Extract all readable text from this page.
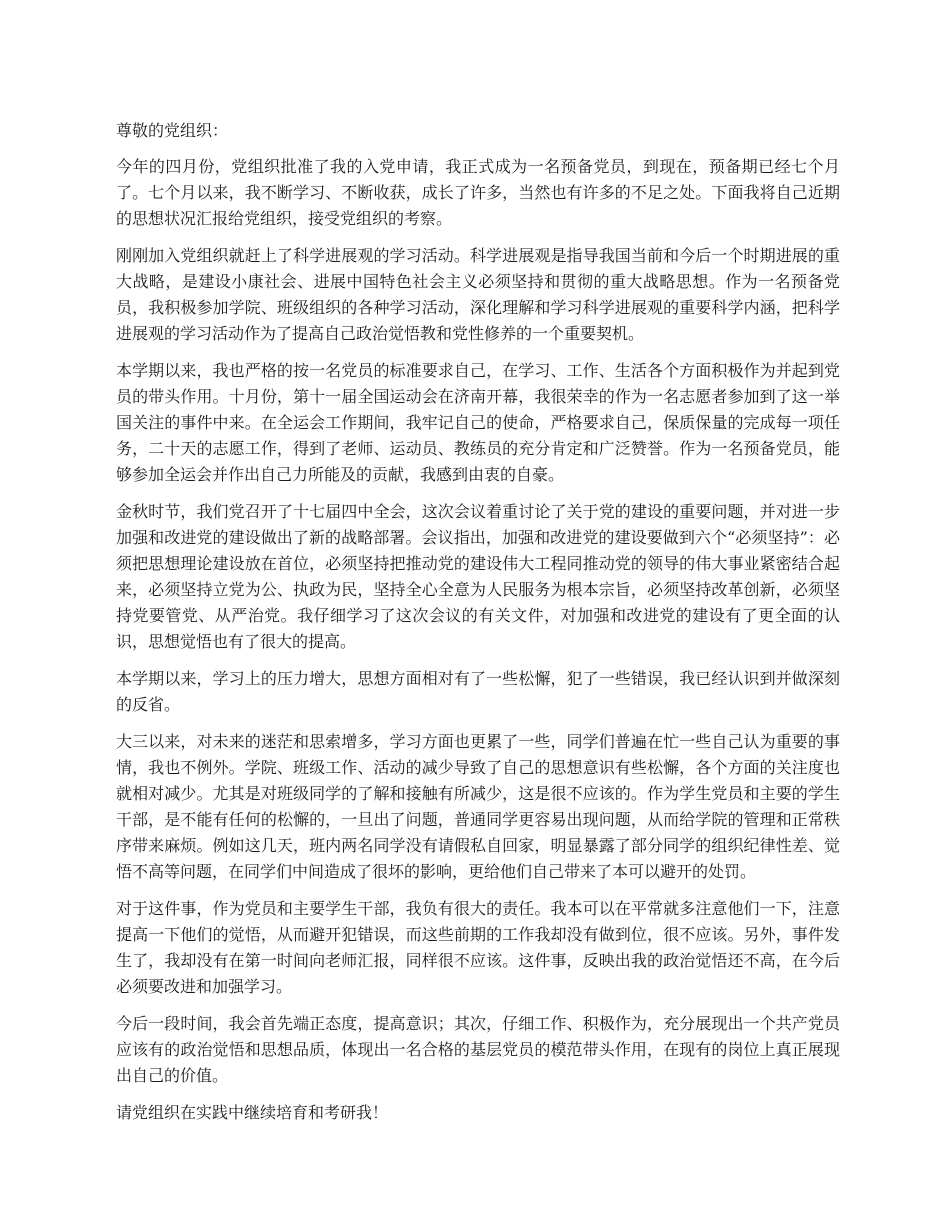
尊敬的党组织：

今年的四月份，党组织批准了我的入党申请，我正式成为一名预备党员，到现在，预备期已经七个月了。七个月以来，我不断学习、不断收获，成长了许多，当然也有许多的不足之处。下面我将自己近期的思想状况汇报给党组织，接受党组织的考察。

刚刚加入党组织就赶上了科学进展观的学习活动。科学进展观是指导我国当前和今后一个时期进展的重大战略，是建设小康社会、进展中国特色社会主义必须坚持和贯彻的重大战略思想。作为一名预备党员，我积极参加学院、班级组织的各种学习活动，深化理解和学习科学进展观的重要科学内涵，把科学进展观的学习活动作为了提高自己政治觉悟教和党性修养的一个重要契机。

本学期以来，我也严格的按一名党员的标准要求自己，在学习、工作、生活各个方面积极作为并起到党员的带头作用。十月份，第十一届全国运动会在济南开幕，我很荣幸的作为一名志愿者参加到了这一举国关注的事件中来。在全运会工作期间，我牢记自己的使命，严格要求自己，保质保量的完成每一项任务，二十天的志愿工作，得到了老师、运动员、教练员的充分肯定和广泛赞誉。作为一名预备党员，能够参加全运会并作出自己力所能及的贡献，我感到由衷的自豪。

金秋时节，我们党召开了十七届四中全会，这次会议着重讨论了关于党的建设的重要问题，并对进一步加强和改进党的建设做出了新的战略部署。会议指出，加强和改进党的建设要做到六个“必须坚持”：必须把思想理论建设放在首位，必须坚持把推动党的建设伟大工程同推动党的领导的伟大事业紧密结合起来，必须坚持立党为公、执政为民，坚持全心全意为人民服务为根本宗旨，必须坚持改革创新，必须坚持党要管党、从严治党。我仔细学习了这次会议的有关文件，对加强和改进党的建设有了更全面的认识，思想觉悟也有了很大的提高。

本学期以来，学习上的压力增大，思想方面相对有了一些松懈，犯了一些错误，我已经认识到并做深刻的反省。

大三以来，对未来的迷茫和思索增多，学习方面也更累了一些，同学们普遍在忙一些自己认为重要的事情，我也不例外。学院、班级工作、活动的减少导致了自己的思想意识有些松懈，各个方面的关注度也就相对减少。尤其是对班级同学的了解和接触有所减少，这是很不应该的。作为学生党员和主要的学生干部，是不能有任何的松懈的，一旦出了问题，普通同学更容易出现问题，从而给学院的管理和正常秩序带来麻烦。例如这几天，班内两名同学没有请假私自回家，明显暴露了部分同学的组织纪律性差、觉悟不高等问题，在同学们中间造成了很坏的影响，更给他们自己带来了本可以避开的处罚。

对于这件事，作为党员和主要学生干部，我负有很大的责任。我本可以在平常就多注意他们一下，注意提高一下他们的觉悟，从而避开犯错误，而这些前期的工作我却没有做到位，很不应该。另外，事件发生了，我却没有在第一时间向老师汇报，同样很不应该。这件事，反映出我的政治觉悟还不高，在今后必须要改进和加强学习。

今后一段时间，我会首先端正态度，提高意识；其次，仔细工作、积极作为，充分展现出一个共产党员应该有的政治觉悟和思想品质，体现出一名合格的基层党员的模范带头作用，在现有的岗位上真正展现出自己的价值。

请党组织在实践中继续培育和考研我！
